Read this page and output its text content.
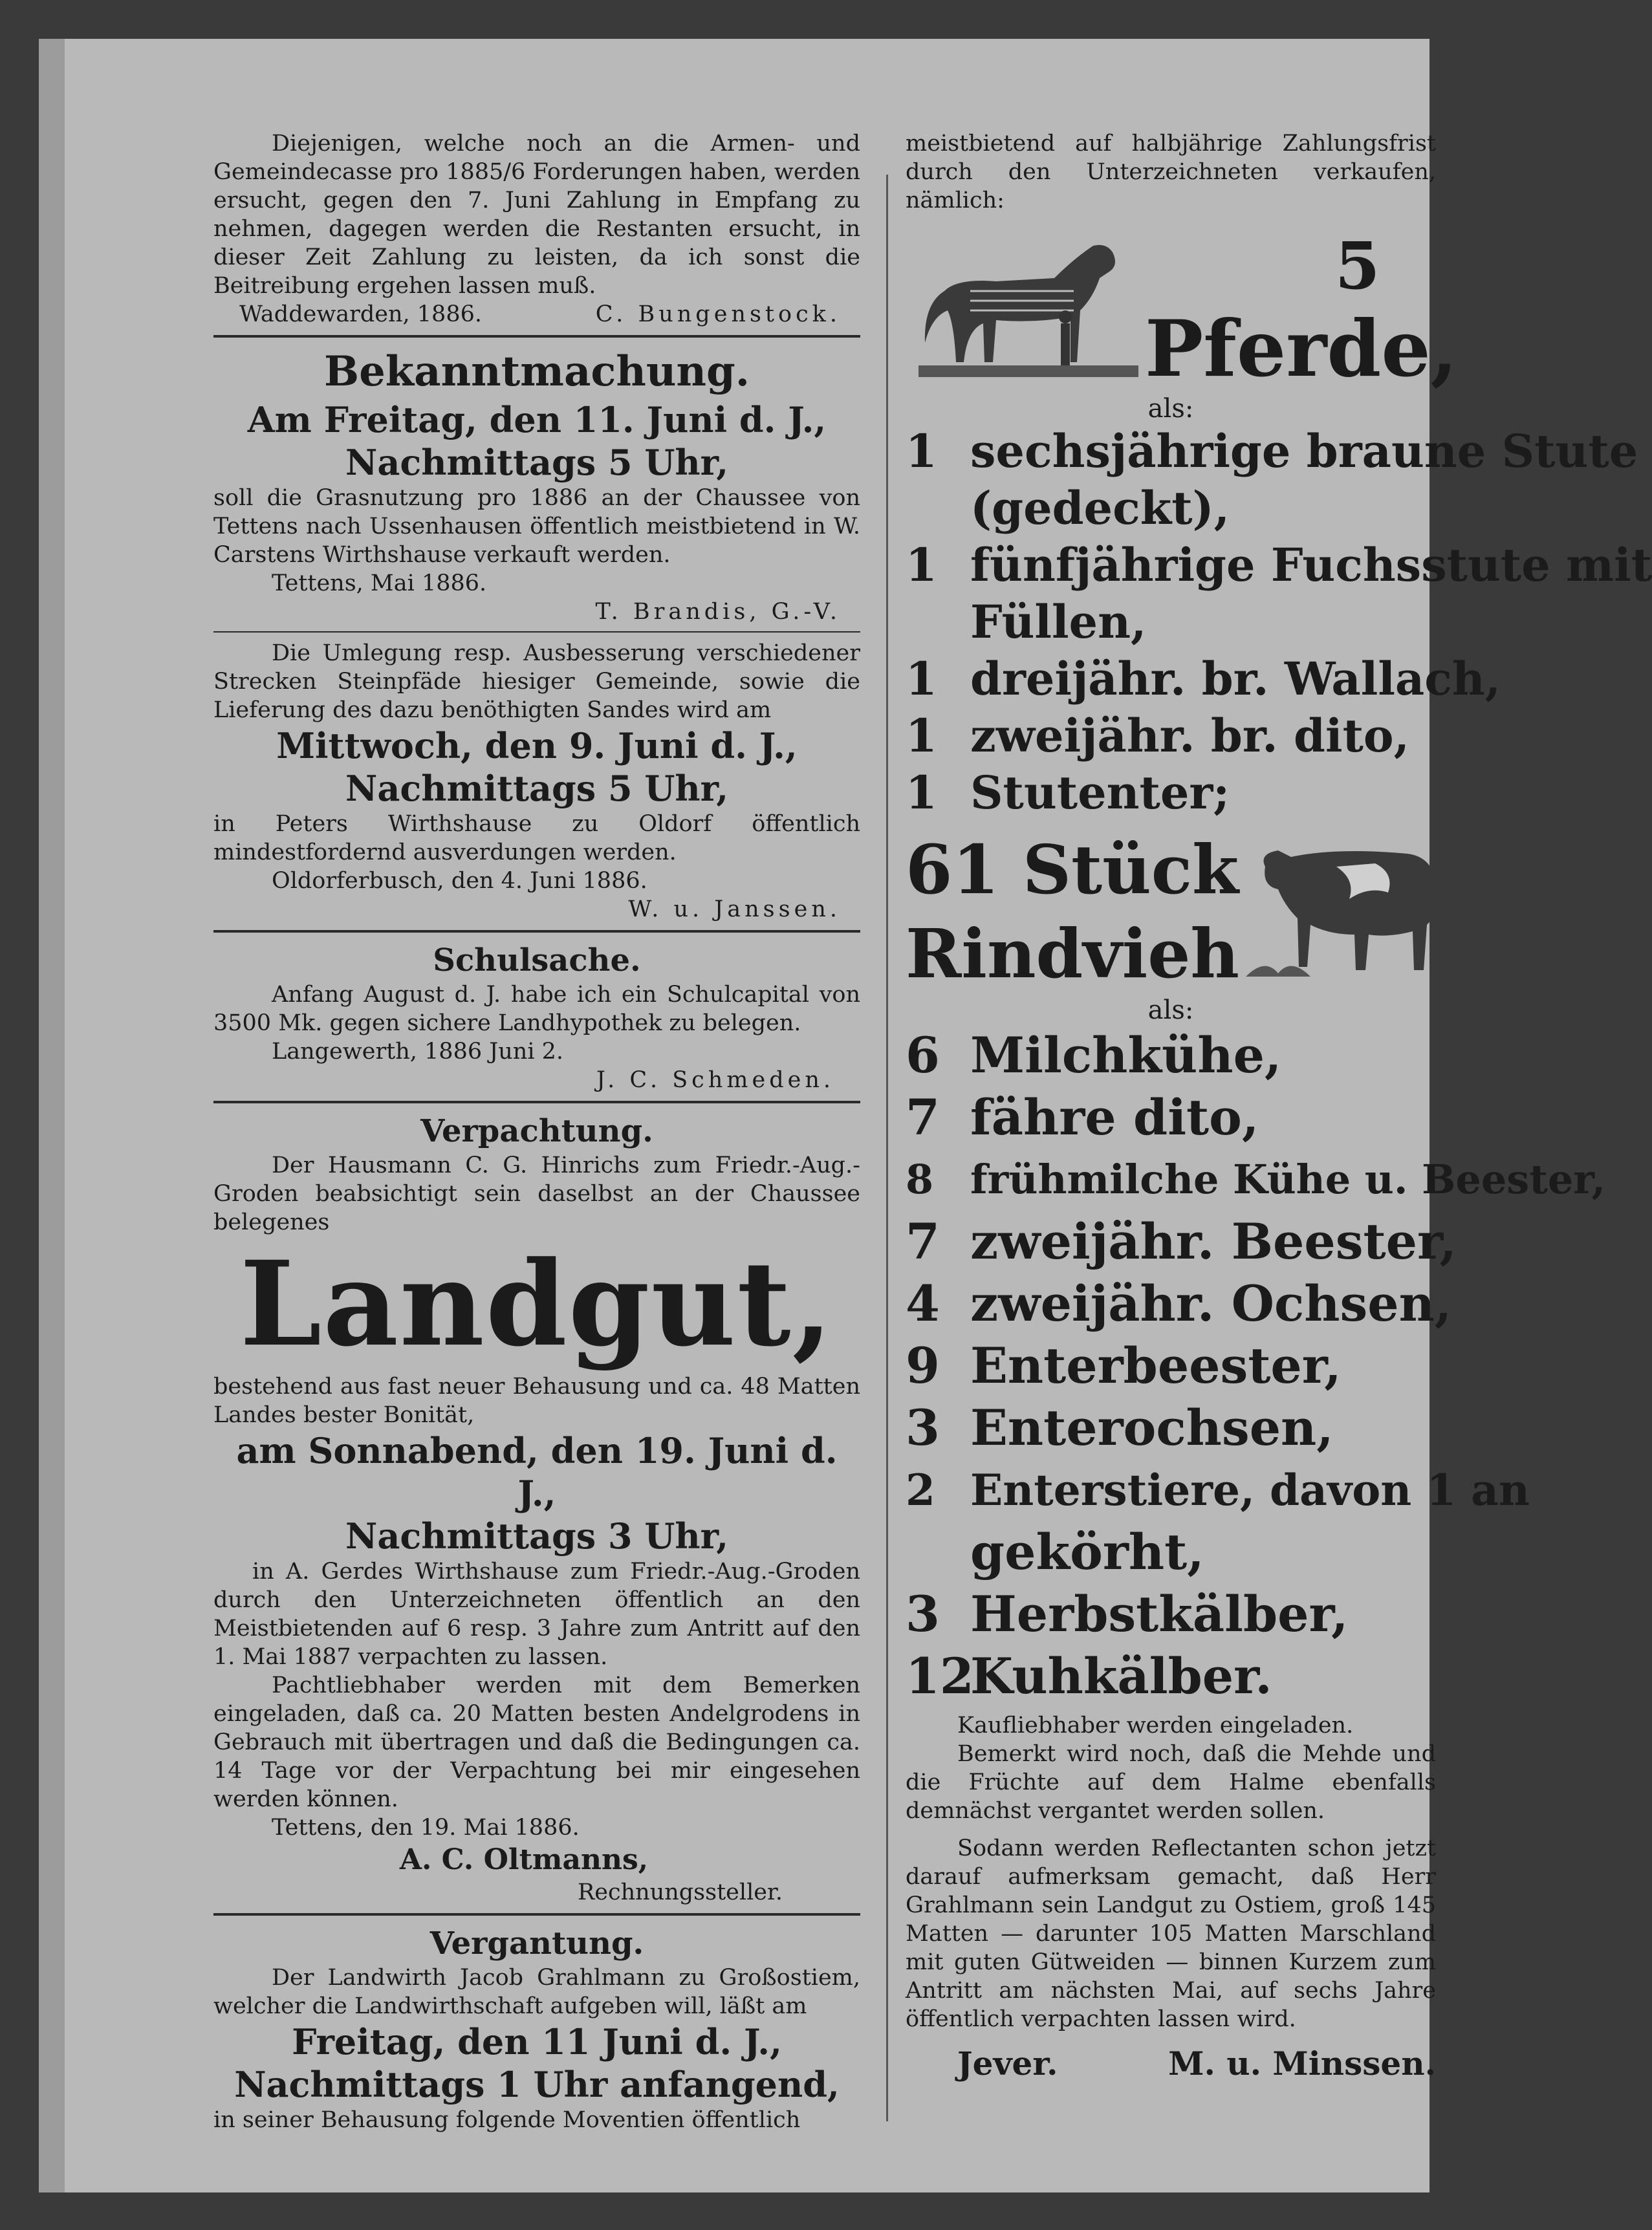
Diejenigen, welche noch an die Armen- und Gemeindecasse pro 1885/6 Forderungen haben, werden ersucht, gegen den 7. Juni Zahlung in Empfang zu nehmen, dagegen werden die Restanten ersucht, in dieser Zeit Zahlung zu leisten, da ich sonst die Beitreibung ergehen lassen muß.

Waddewarden, 1886.	C. Bungenstock.

Bekanntmachung.

Am Freitag, den 11. Juni d. J.,

Nachmittags 5 Uhr,

soll die Grasnutzung pro 1886 an der Chaussee von Tettens nach Ussenhausen öffentlich meistbietend in W. Carstens Wirthshause verkauft werden.

Tettens, Mai 1886.

T. Brandis, G.-V.

Die Umlegung resp. Ausbesserung verschiedener Strecken Steinpfäde hiesiger Gemeinde, sowie die Lieferung des dazu benöthigten Sandes wird am

Mittwoch, den 9. Juni d. J.,

Nachmittags 5 Uhr,

in Peters Wirthshause zu Oldorf öffentlich mindestfordernd ausverdungen werden.

Oldorferbusch, den 4. Juni 1886.

W. u. Janssen.

Schulsache.

Anfang August d. J. habe ich ein Schulcapital von 3500 Mk. gegen sichere Landhypothek zu belegen.

Langewerth, 1886 Juni 2.

J. C. Schmeden.

Verpachtung.

Der Hausmann C. G. Hinrichs zum Friedr.-Aug.-Groden beabsichtigt sein daselbst an der Chaussee belegenes

Landgut,

bestehend aus fast neuer Behausung und ca. 48 Matten Landes bester Bonität,

am Sonnabend, den 19. Juni d. J.,

Nachmittags 3 Uhr,

in A. Gerdes Wirthshause zum Friedr.-Aug.-Groden durch den Unterzeichneten öffentlich an den Meistbietenden auf 6 resp. 3 Jahre zum Antritt auf den 1. Mai 1887 verpachten zu lassen.

Pachtliebhaber werden mit dem Bemerken eingeladen, daß ca. 20 Matten besten Andelgrodens in Gebrauch mit übertragen und daß die Bedingungen ca. 14 Tage vor der Verpachtung bei mir eingesehen werden können.

Tettens, den 19. Mai 1886.

A. C. Oltmanns,

Rechnungssteller.

Vergantung.

Der Landwirth Jacob Grahlmann zu Großostiem, welcher die Landwirthschaft aufgeben will, läßt am

Freitag, den 11 Juni d. J.,

Nachmittags 1 Uhr anfangend,

in seiner Behausung folgende Moventien öffentlich

meistbietend auf halbjährige Zahlungsfrist durch den Unterzeichneten verkaufen, nämlich:

5
Pferde,

als:

1 sechsjährige braune Stute
(gedeckt),
1 fünfjährige Fuchsstute mit
Füllen,
1 dreijähr. br. Wallach,
1 zweijähr. br. dito,
1 Stutenter;
61 Stück
Rindvieh

als:

6 Milchkühe,
7 fähre dito,
8 frühmilche Kühe u. Beester,
7 zweijähr. Beester,
4 zweijähr. Ochsen,
9 Enterbeester,
3 Enterochsen,
2 Enterstiere, davon 1 an
gekörht,
3 Herbstkälber,
12Kuhkälber.

Kaufliebhaber werden eingeladen.

Bemerkt wird noch, daß die Mehde und die Früchte auf dem Halme ebenfalls demnächst vergantet werden sollen.

Sodann werden Reflectanten schon jetzt darauf aufmerksam gemacht, daß Herr Grahlmann sein Landgut zu Ostiem, groß 145 Matten — darunter 105 Matten Marschland mit guten Gütweiden — binnen Kurzem zum Antritt am nächsten Mai, auf sechs Jahre öffentlich verpachten lassen wird.

Jever.	M. u. Minssen.
